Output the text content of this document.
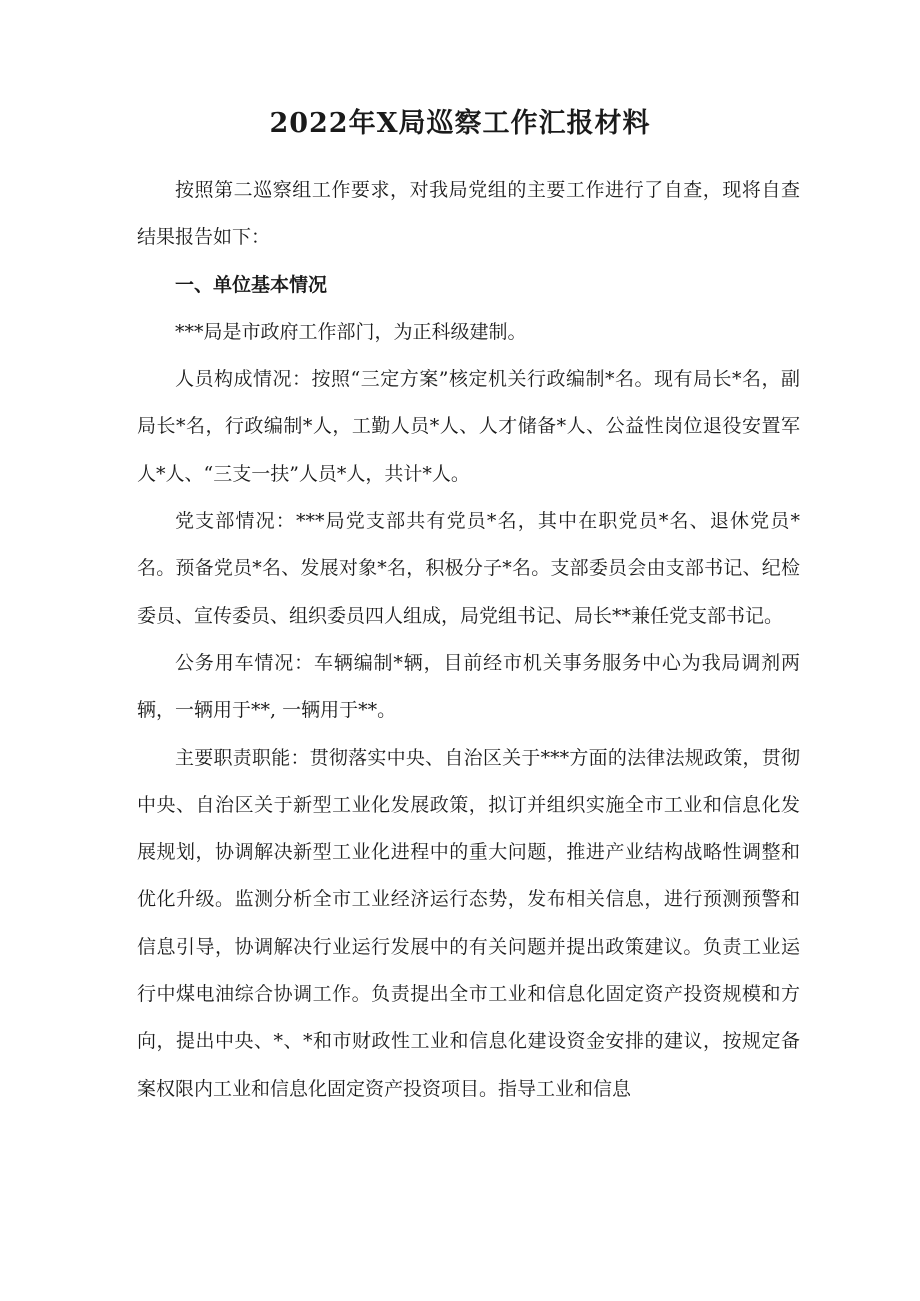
2022年X局巡察工作汇报材料

按照第二巡察组工作要求，对我局党组的主要工作进行了自查，现将自查结果报告如下：

一、单位基本情况

***局是市政府工作部门，为正科级建制。

人员构成情况：按照“三定方案”核定机关行政编制*名。现有局长*名，副局长*名，行政编制*人，工勤人员*人、人才储备*人、公益性岗位退役安置军人*人、“三支一扶”人员*人，共计*人。

党支部情况：***局党支部共有党员*名，其中在职党员*名、退休党员*名。预备党员*名、发展对象*名，积极分子*名。支部委员会由支部书记、纪检委员、宣传委员、组织委员四人组成，局党组书记、局长**兼任党支部书记。

公务用车情况：车辆编制*辆，目前经市机关事务服务中心为我局调剂两辆，一辆用于**, 一辆用于**。

主要职责职能：贯彻落实中央、自治区关于***方面的法律法规政策，贯彻中央、自治区关于新型工业化发展政策，拟订并组织实施全市工业和信息化发展规划，协调解决新型工业化进程中的重大问题，推进产业结构战略性调整和优化升级。监测分析全市工业经济运行态势，发布相关信息，进行预测预警和信息引导，协调解决行业运行发展中的有关问题并提出政策建议。负责工业运行中煤电油综合协调工作。负责提出全市工业和信息化固定资产投资规模和方向，提出中央、*、*和市财政性工业和信息化建设资金安排的建议，按规定备案权限内工业和信息化固定资产投资项目。指导工业和信息
